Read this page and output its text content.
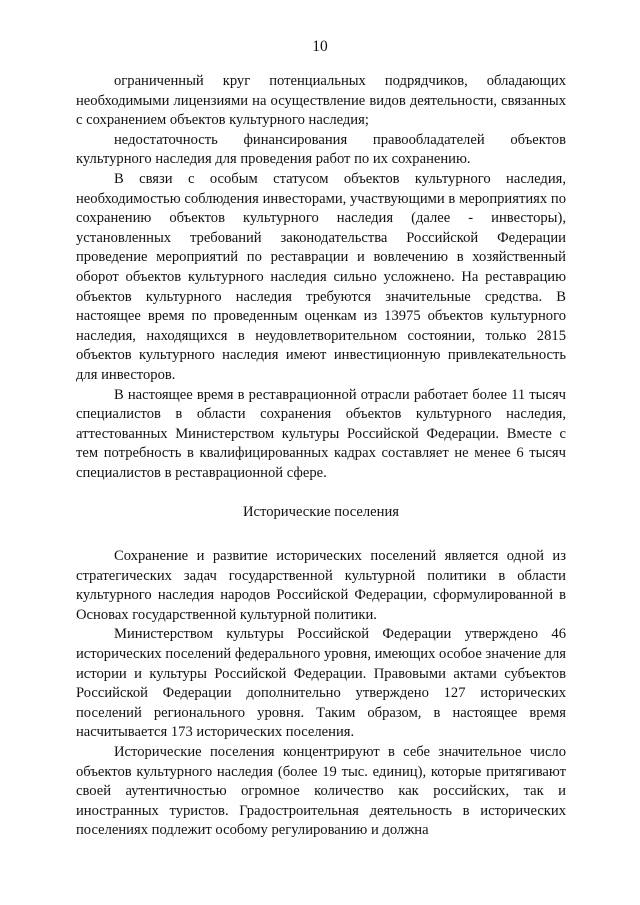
10

ограниченный круг потенциальных подрядчиков, обладающих необходимыми лицензиями на осуществление видов деятельности, связанных с сохранением объектов культурного наследия;

недостаточность финансирования правообладателей объектов культурного наследия для проведения работ по их сохранению.

В связи с особым статусом объектов культурного наследия, необходимостью соблюдения инвесторами, участвующими в мероприятиях по сохранению объектов культурного наследия (далее - инвесторы), установленных требований законодательства Российской Федерации проведение мероприятий по реставрации и вовлечению в хозяйственный оборот объектов культурного наследия сильно усложнено. На реставрацию объектов культурного наследия требуются значительные средства. В настоящее время по проведенным оценкам из 13975 объектов культурного наследия, находящихся в неудовлетворительном состоянии, только 2815 объектов культурного наследия имеют инвестиционную привлекательность для инвесторов.

В настоящее время в реставрационной отрасли работает более 11 тысяч специалистов в области сохранения объектов культурного наследия, аттестованных Министерством культуры Российской Федерации. Вместе с тем потребность в квалифицированных кадрах составляет не менее 6 тысяч специалистов в реставрационной сфере.

Исторические поселения

Сохранение и развитие исторических поселений является одной из стратегических задач государственной культурной политики в области культурного наследия народов Российской Федерации, сформулированной в Основах государственной культурной политики.

Министерством культуры Российской Федерации утверждено 46 исторических поселений федерального уровня, имеющих особое значение для истории и культуры Российской Федерации. Правовыми актами субъектов Российской Федерации дополнительно утверждено 127 исторических поселений регионального уровня. Таким образом, в настоящее время насчитывается 173 исторических поселения.

Исторические поселения концентрируют в себе значительное число объектов культурного наследия (более 19 тыс. единиц), которые притягивают своей аутентичностью огромное количество как российских, так и иностранных туристов. Градостроительная деятельность в исторических поселениях подлежит особому регулированию и должна
